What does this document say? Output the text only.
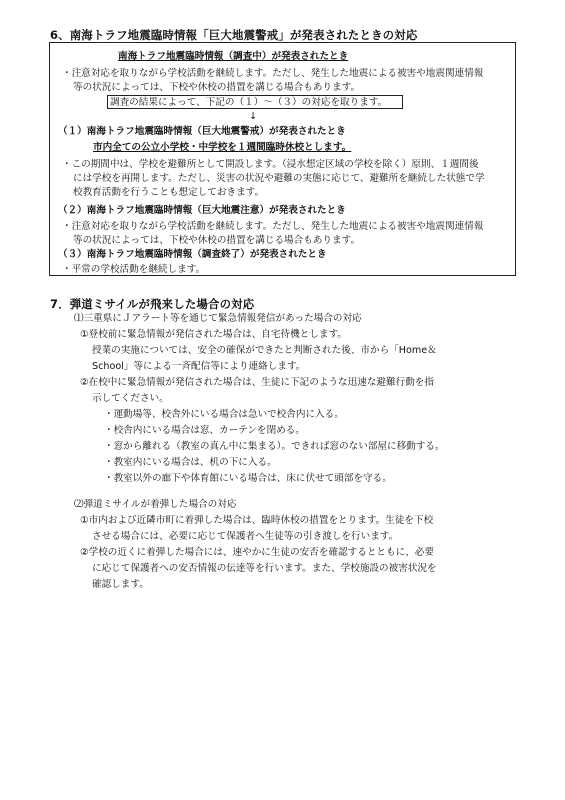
6、南海トラフ地震臨時情報「巨大地震警戒」が発表されたときの対応
南海トラフ地震臨時情報（調査中）が発表されたとき
・注意対応を取りながら学校活動を継続します。ただし、発生した地震による被害や地震関連情報
等の状況によっては、下校や休校の措置を講じる場合もあります。
調査の結果によって、下記の（１）～（３）の対応を取ります。
↓
（１）南海トラフ地震臨時情報（巨大地震警戒）が発表されたとき
市内全ての公立小学校・中学校を１週間臨時休校とします。
・この期間中は、学校を避難所として開設します。（浸水想定区域の学校を除く）原則、１週間後
には学校を再開します。ただし、災害の状況や避難の実態に応じて、避難所を継続した状態で学
校教育活動を行うことも想定しておきます。
（２）南海トラフ地震臨時情報（巨大地震注意）が発表されたとき
・注意対応を取りながら学校活動を継続します。ただし、発生した地震による被害や地震関連情報
等の状況によっては、下校や休校の措置を講じる場合もあります。
（３）南海トラフ地震臨時情報（調査終了）が発表されたとき
・平常の学校活動を継続します。
7．弾道ミサイルが飛来した場合の対応
⑴三重県にＪアラート等を通じて緊急情報発信があった場合の対応
①登校前に緊急情報が発信された場合は、自宅待機とします。
授業の実施については、安全の確保ができたと判断された後、市から「Home＆
School」等による一斉配信等により連絡します。
②在校中に緊急情報が発信された場合は、生徒に下記のような迅速な避難行動を指
示してください。
・運動場等、校舎外にいる場合は急いで校舎内に入る。
・校舎内にいる場合は窓、カーテンを閉める。
・窓から離れる（教室の真ん中に集まる）。できれば窓のない部屋に移動する。
・教室内にいる場合は、机の下に入る。
・教室以外の廊下や体育館にいる場合は、床に伏せて頭部を守る。
⑵弾道ミサイルが着弾した場合の対応
①市内および近隣市町に着弾した場合は、臨時休校の措置をとります。生徒を下校
させる場合には、必要に応じて保護者へ生徒等の引き渡しを行います。
②学校の近くに着弾した場合には、速やかに生徒の安否を確認するとともに、必要
に応じて保護者への安否情報の伝達等を行います。また、学校施設の被害状況を
確認します。
